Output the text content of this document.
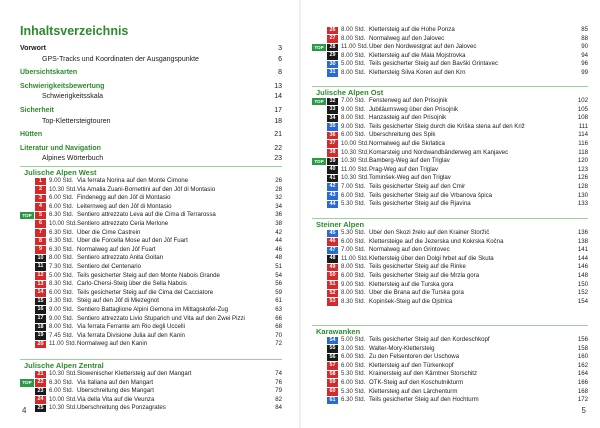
Inhaltsverzeichnis
Vorwort	3
GPS-Tracks und Koordinaten der Ausgangspunkte	6
Übersichtskarten	8
Schwierigkeitsbewertung	13
Schwierigkeitsskala	14
Sicherheit	17
Top-Klettersteigtouren	18
Hütten	21
Literatur und Navigation	22
Alpines Wörterbuch	23
Julische Alpen West
1	9.00 Std. Via ferrata Norina auf den Monte Cimone	26
2	10.30 Std. Via Amalia Zuani-Bornettini auf den Jôf di Montasio	28
3	6.00 Std. Findenegg auf den Jôf di Montasio	32
4	6.00 Std. Leiternweg auf den Jôf di Montasio	34
TOP	5	6.30 Std. Sentiero attrezzato Leva auf die Cima di Terrarossa	36
6	10.00 Std. Sentiero attrezzato Ceria Merlone	38
7	6.30 Std. Über die Cime Castrein	42
8	6.30 Std. Über die Forcella Mose auf den Jôf Fuart	44
9	6.30 Std. Normalweg auf den Jôf Fuart	46
10 8.00 Std. Sentiero attrezzato Anita Goitan	48
11 7.30 Std. Sentiero del Centenario	51
12 5.00 Std. Teils gesicherter Steig auf den Monte Nabois Grande	54
13 8.30 Std. Carlo-Chersi-Steig über die Sella Nabois	56
14 6.00 Std. Teils gesicherter Steig auf die Cima del Cacciatore	59
15 3.30 Std. Steig auf den Jôf di Miezegnot	61
16 9.00 Std. Sentiero Battaglione Alpini Gemona im Mittagskofel-Zug	63
17 9.00 Std. Sentiero attrezzato Livio Stuparich und Vita auf den Zwei Pizzi	66
18 8.00 Std. Via ferrata Ferrante am Rio degli Uccelli	68
19 7.45 Std. Via ferrata Divisione Julia auf den Kanin	70
20 11.00 Std. Normalweg auf den Kanin	72
Julische Alpen Zentral
21 10.30 Std. Slowenischer Klettersteig auf den Mangart	74
TOP	22 6.30 Std. Via Italiana auf den Mangart	76
23 6.00 Std. Überschreitung des Mangart	79
24 10.00 Std. Via della Vita auf die Veunza	82
25 10.30 Std. Überschreitung des Ponzagrates	84
4
26 8.00 Std. Klettersteig auf die Hohe Ponza	85
27 8.00 Std. Normalweg auf den Jalovec	88
TOP	28 11.00 Std. Über den Nordwestgrat auf den Jalovec	90
29 8.00 Std. Klettersteig auf die Mala Mojstrovka	94
30 5.00 Std. Teils gesicherter Steig auf den Bavški Grintavec	96
31 8.00 Std. Klettersteig Silva Koren auf den Krn	99
Julische Alpen Ost
TOP	32 7.00 Std. Fensterweg auf den Prisojnik	102
33 9.00 Std. Jubiläumsweg über den Prisojnik	105
34 8.00 Std. Hanzasteig auf den Prisojnik	108
35 9.00 Std. Teils gesicherter Steig durch die Kriška stena auf den Križ	111
36 6.00 Std. Überschreitung des Špik	114
37 10.00 Std. Normalweg auf die Škrlatica	116
38 10.30 Std. Komarsteig und Nordwandbänderweg am Kanjavec	118
TOP	39 10.30 Std. Bamberg-Weg auf den Triglav	120
40 11.00 Std. Prag-Weg auf den Triglav	123
41 10.30 Std. Tominšek-Weg auf den Triglav	126
42 7.00 Std. Teils gesicherter Steig auf den Cmir	128
43 6.00 Std. Teils gesicherter Steig auf die Vrbanova špica	130
44 5.30 Std. Teils gesicherter Steig auf die Rjavina	133
Steiner Alpen
45 5.30 Std. Über den Skozi žrelo auf den Krainer Storžič	136
46 6.00 Std. Klettersteige auf die Jezerska und Kokrska Kočna	138
47 7.00 Std. Normalweg auf den Grintovec	141
48 11.00 Std. Klettersteig über den Dolgi hrbet auf die Skuta	144
49 8.00 Std. Teils gesicherter Steig auf die Rinke	146
50 6.00 Std. Teils gesicherter Steig auf die Mrzla gora	148
51 9.00 Std. Klettersteig auf die Turska gora	150
52 8.00 Std. Über die Brana auf die Turska gora	152
53 8.30 Std. Kopinšek-Steig auf die Ojstrica	154
Karawanken
54 5.00 Std. Teils gesicherter Steig auf den Kordeschkopf	156
55 3.00 Std. Walter-Mory-Klettersteig	158
56 6.00 Std. Zu den Felsentoren der Uschowa	160
57 6.00 Std. Klettersteig auf den Türkenkopf	162
58 5.30 Std. Krainersteig auf den Kärntner Storschitz	164
59 6.00 Std. ÖTK-Steig auf den Koschutnikturm	166
60 5.30 Std. Klettersteig auf den Lärchenturm	168
61 6.30 Std. Teils gesicherter Steig auf den Hochturm	172
5
